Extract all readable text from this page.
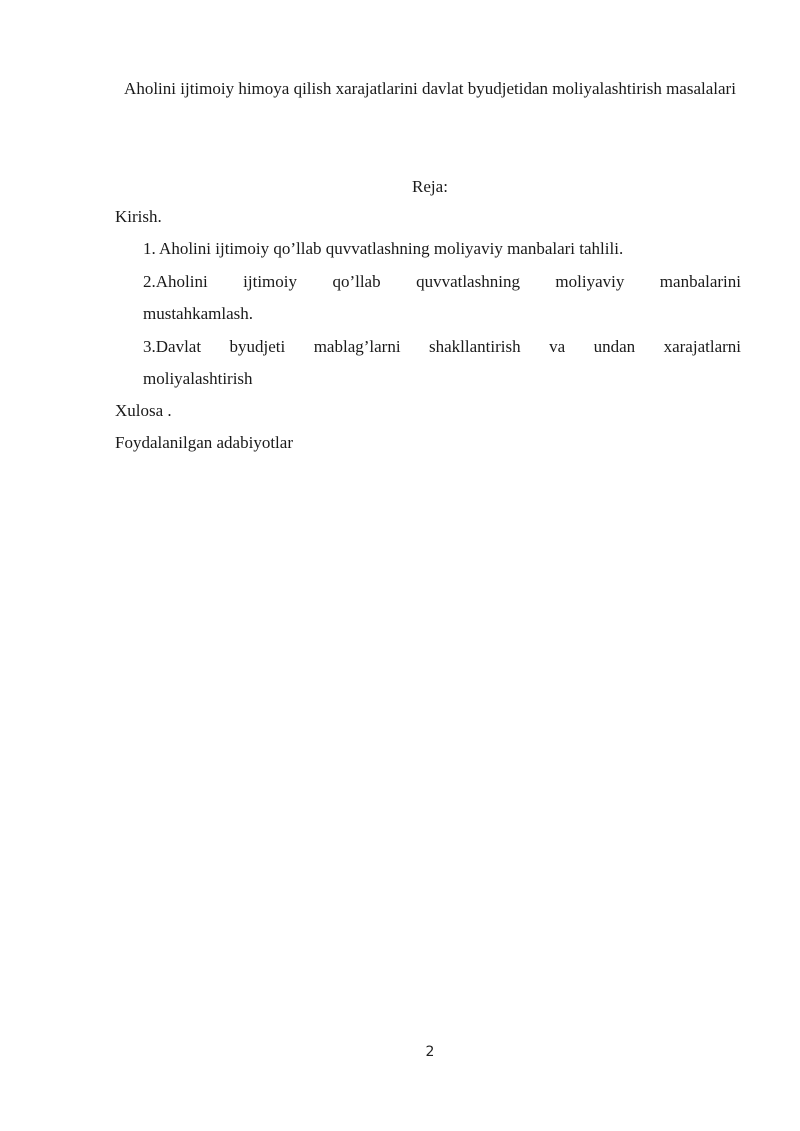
Aholini ijtimoiy himoya qilish xarajatlarini davlat byudjetidan moliyalashtirish masalalari
Reja:
Kirish.
1. Aholini ijtimoiy qo’llab quvvatlashning moliyaviy manbalari tahlili.
2.Aholini ijtimoiy qo’llab quvvatlashning moliyaviy manbalarini
mustahkamlash.
3.Davlat byudjeti mablag’larni shakllantirish va undan xarajatlarni
moliyalashtirish
Xulosa .
Foydalanilgan adabiyotlar
2
